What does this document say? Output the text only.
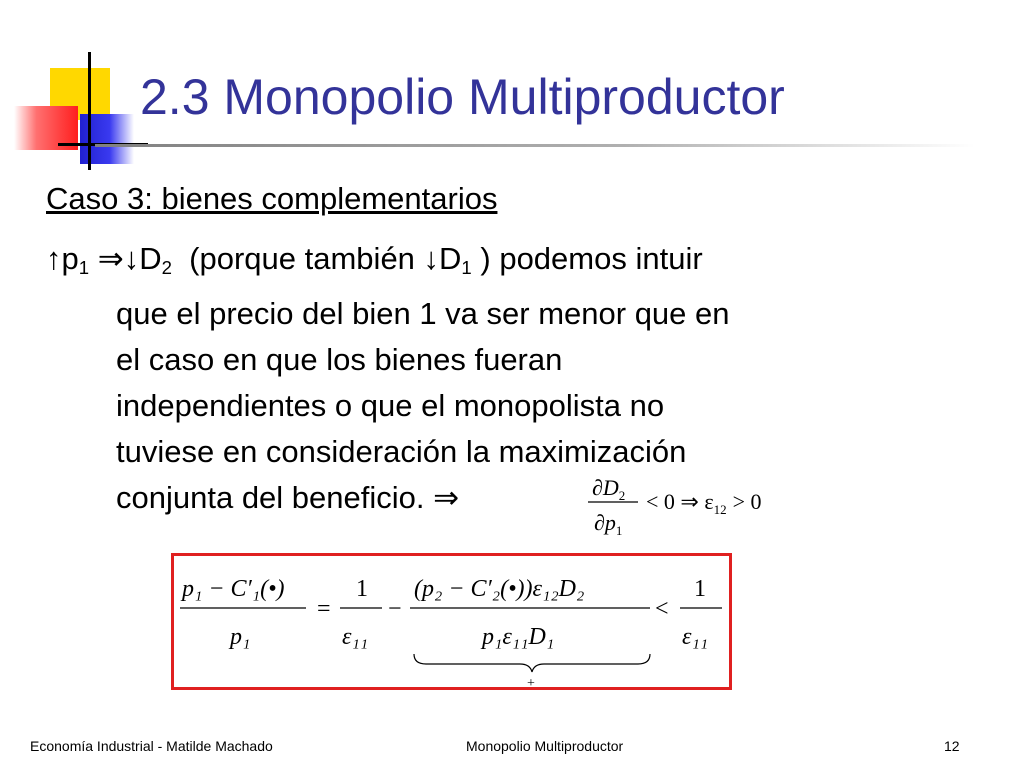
2.3 Monopolio Multiproductor
Caso 3: bienes complementarios
$↑p_1$ $\Rightarrow↓D_2$ (porque también $↓D_1$ ) podemos intuir
que el precio del bien 1 va ser menor que en
el caso en que los bienes fueran
independientes o que el monopolista no
tuviese en consideración la maximización
conjunta del beneficio. ⇒	$\partial D_2$
$\partial p_1$
< 0 ⇒ $\varepsilon_{12} > 0$
p₁ − C′₁(•)
p₁
=
1
ε₁₁
−
(p₂ − C′₂(•))ε₁₂D₂
p₁ε₁₁D₁
+
<
1
ε₁₁
Economía Industrial - Matilde Machado	Monopolio Multiproductor	12
